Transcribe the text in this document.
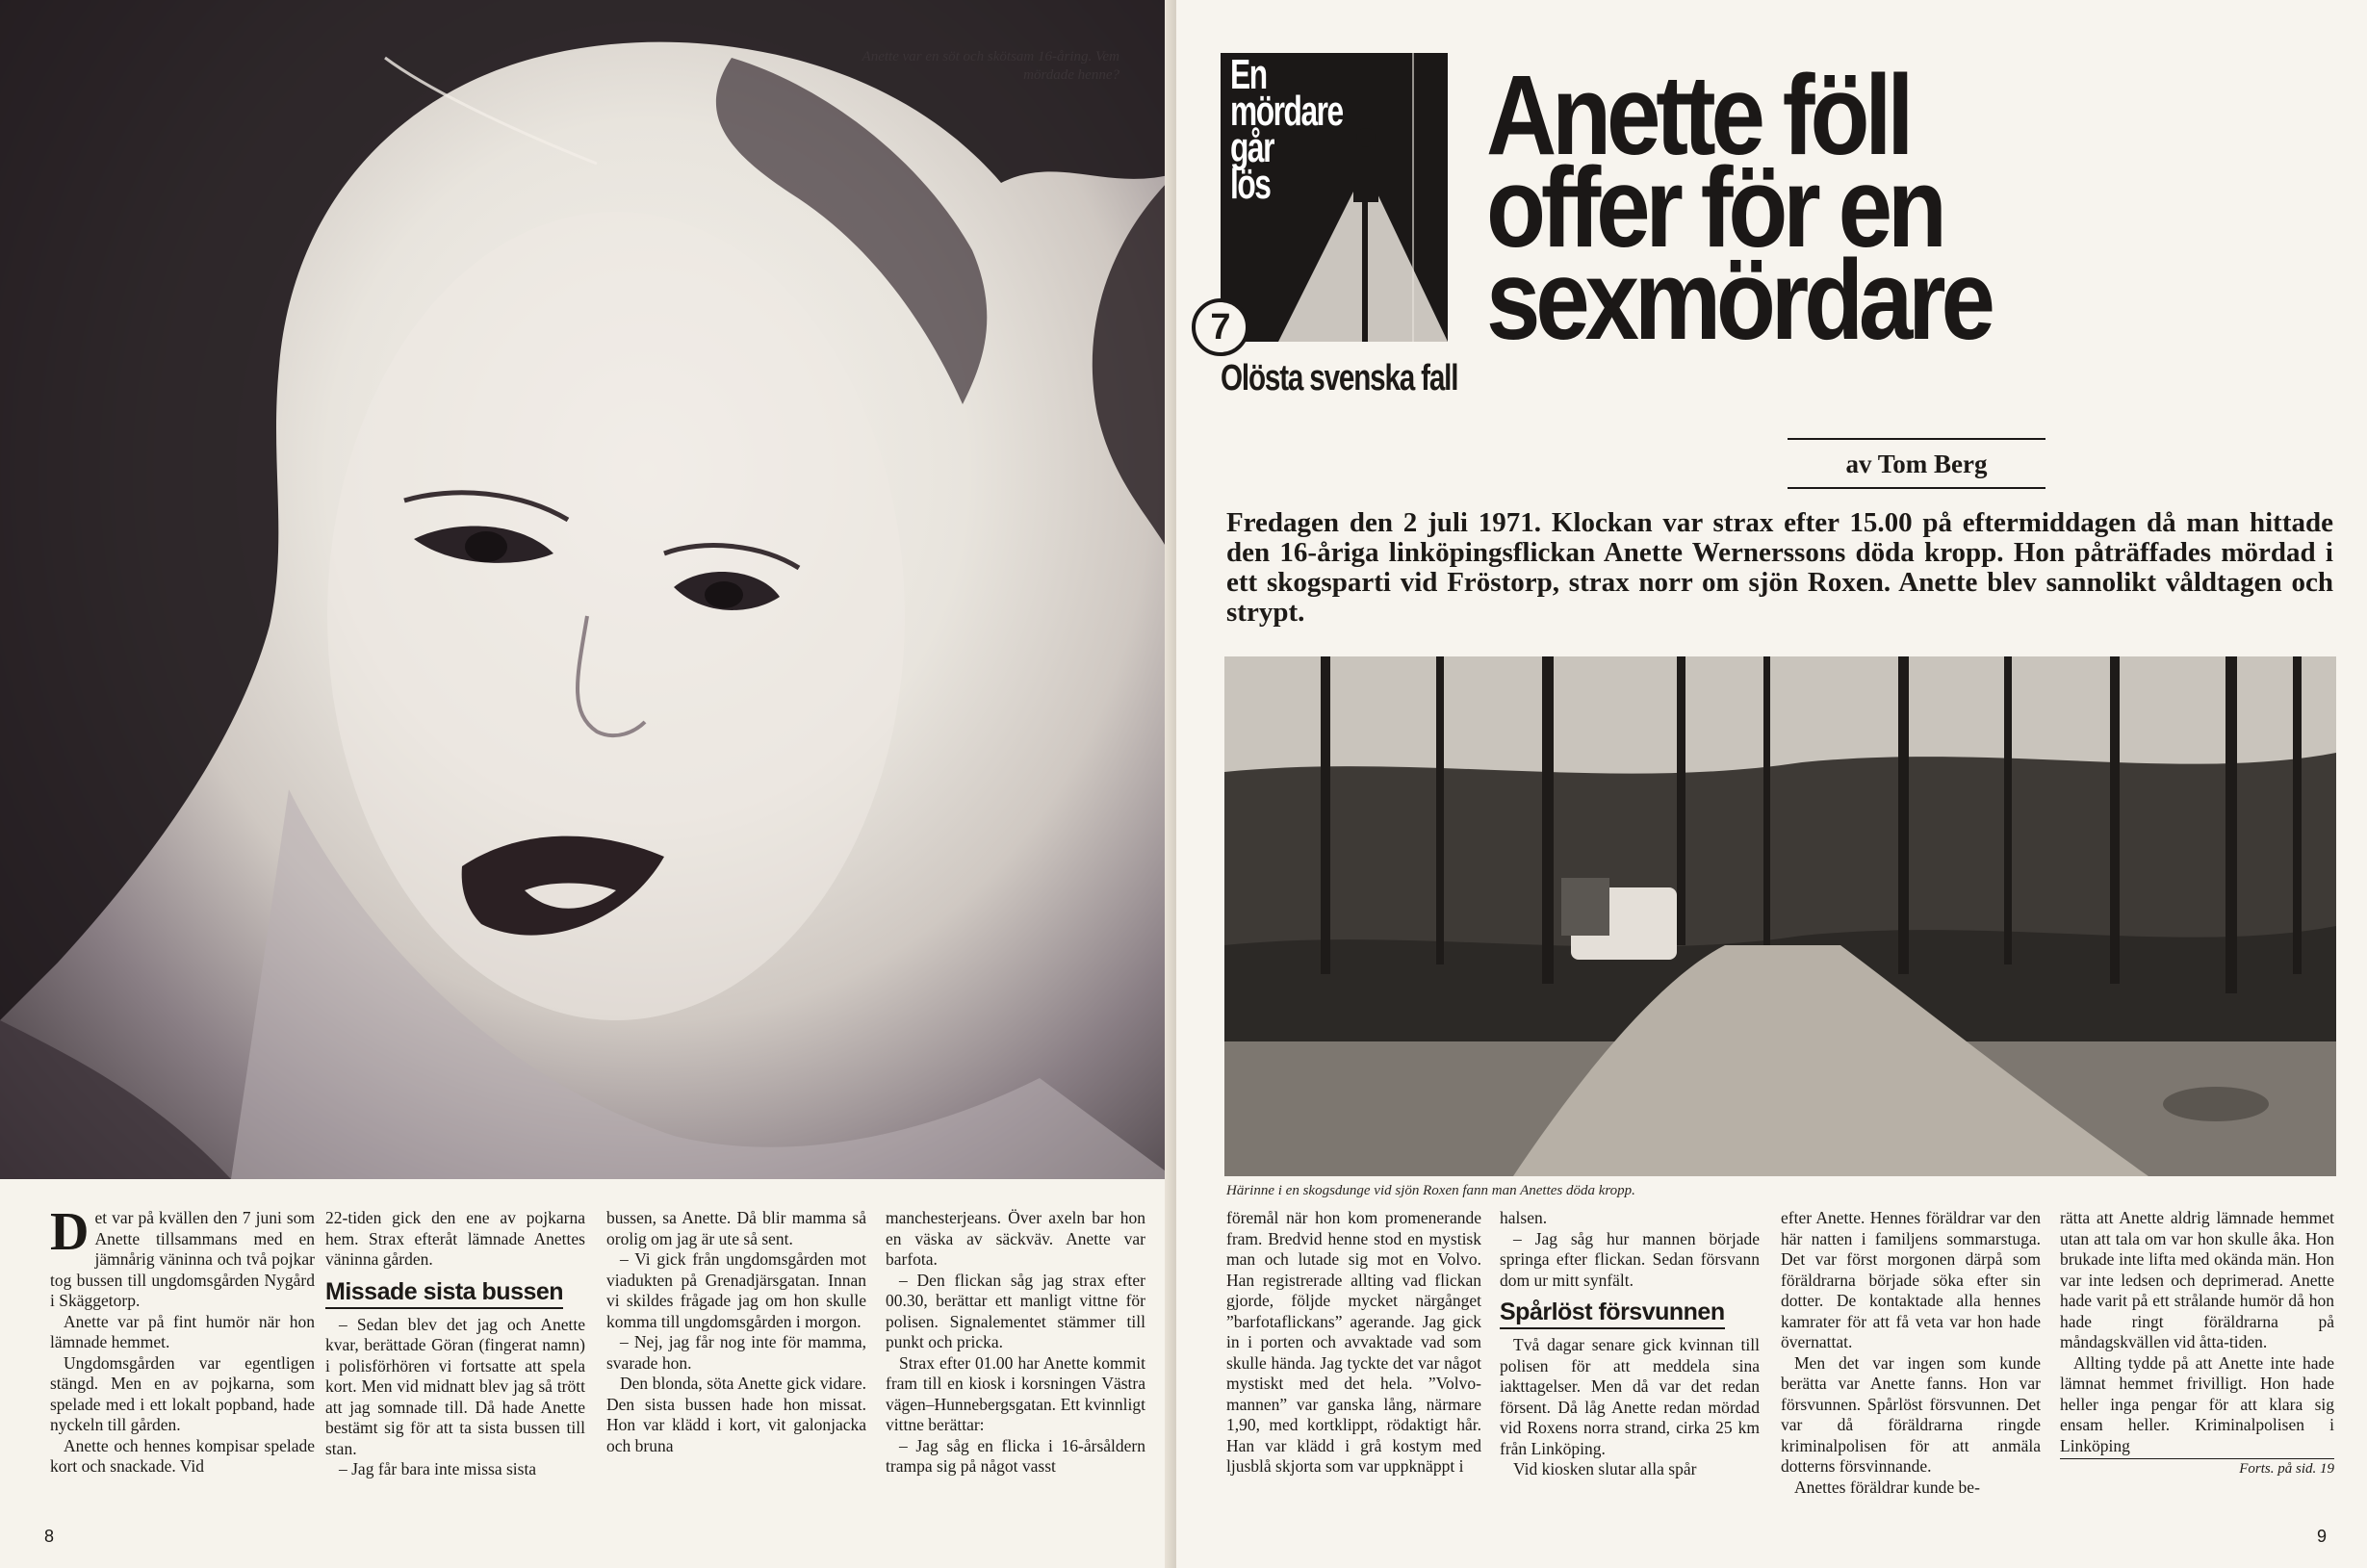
Anette var en söt och skötsam 16-åring. Vem mördade henne?

Det var på kvällen den 7 juni som Anette tillsammans med en jämnårig väninna och två pojkar tog bussen till ungdomsgården Nygård i Skäggetorp.

Anette var på fint humör när hon lämnade hemmet.

Ungdomsgården var egentligen stängd. Men en av pojkarna, som spelade med i ett lokalt popband, hade nyckeln till gården.

Anette och hennes kompisar spelade kort och snackade. Vid

22-tiden gick den ene av pojkarna hem. Strax efteråt lämnade Anettes väninna gården.

Missade sista bussen

– Sedan blev det jag och Anette kvar, berättade Göran (fingerat namn) i polisförhören vi fortsatte att spela kort. Men vid midnatt blev jag så trött att jag somnade till. Då hade Anette bestämt sig för att ta sista bussen till stan.

– Jag får bara inte missa sista

bussen, sa Anette. Då blir mamma så orolig om jag är ute så sent.

– Vi gick från ungdomsgården mot viadukten på Grenadjärsgatan. Innan vi skildes frågade jag om hon skulle komma till ungdomsgården i morgon.

– Nej, jag får nog inte för mamma, svarade hon.

Den blonda, söta Anette gick vidare. Den sista bussen hade hon missat. Hon var klädd i kort, vit galonjacka och bruna

manchesterjeans. Över axeln bar hon en väska av säckväv. Anette var barfota.

– Den flickan såg jag strax efter 00.30, berättar ett manligt vittne för polisen. Signalementet stämmer till punkt och pricka.

Strax efter 01.00 har Anette kommit fram till en kiosk i korsningen Västra vägen–Hunnebergsgatan. Ett kvinnligt vittne berättar:

– Jag såg en flicka i 16-årsåldern trampa sig på något vasst

8
En
mördare
går
lös
7
Olösta svenska fall
Anette föll
offer för en
sexmördare
av Tom Berg
Fredagen den 2 juli 1971. Klockan var strax efter 15.00 på eftermiddagen då man hittade den 16-åriga linköpingsflickan Anette Wernerssons döda kropp. Hon påträffades mördad i ett skogsparti vid Fröstorp, strax norr om sjön Roxen. Anette blev sannolikt våldtagen och strypt.
Härinne i en skogsdunge vid sjön Roxen fann man Anettes döda kropp.

föremål när hon kom promenerande fram. Bredvid henne stod en mystisk man och lutade sig mot en Volvo. Han registrerade allting vad flickan gjorde, följde mycket närgånget ”barfotaflickans” agerande. Jag gick in i porten och avvaktade vad som skulle hända. Jag tyckte det var något mystiskt med det hela. ”Volvo-mannen” var ganska lång, närmare 1,90, med kortklippt, rödaktigt hår. Han var klädd i grå kostym med ljusblå skjorta som var uppknäppt i

halsen.

– Jag såg hur mannen började springa efter flickan. Sedan försvann dom ur mitt synfält.

Spårlöst försvunnen

Två dagar senare gick kvinnan till polisen för att meddela sina iakttagelser. Men då var det redan försent. Då låg Anette redan mördad vid Roxens norra strand, cirka 25 km från Linköping.

Vid kiosken slutar alla spår

efter Anette. Hennes föräldrar var den här natten i familjens sommarstuga. Det var först morgonen därpå som föräldrarna började söka efter sin dotter. De kontaktade alla hennes kamrater för att få veta var hon hade övernattat.

Men det var ingen som kunde berätta var Anette fanns. Hon var försvunnen. Spårlöst försvunnen. Det var då föräldrarna ringde kriminalpolisen för att anmäla dotterns försvinnande.

Anettes föräldrar kunde be-

rätta att Anette aldrig lämnade hemmet utan att tala om var hon skulle åka. Hon brukade inte lifta med okända män. Hon var inte ledsen och deprimerad. Anette hade varit på ett strålande humör då hon hade ringt föräldrarna på måndagskvällen vid åtta-tiden.

Allting tydde på att Anette inte hade lämnat hemmet frivilligt. Hon hade heller inga pengar för att klara sig ensam heller. Kriminalpolisen i Linköping

Forts. på sid. 19

9
